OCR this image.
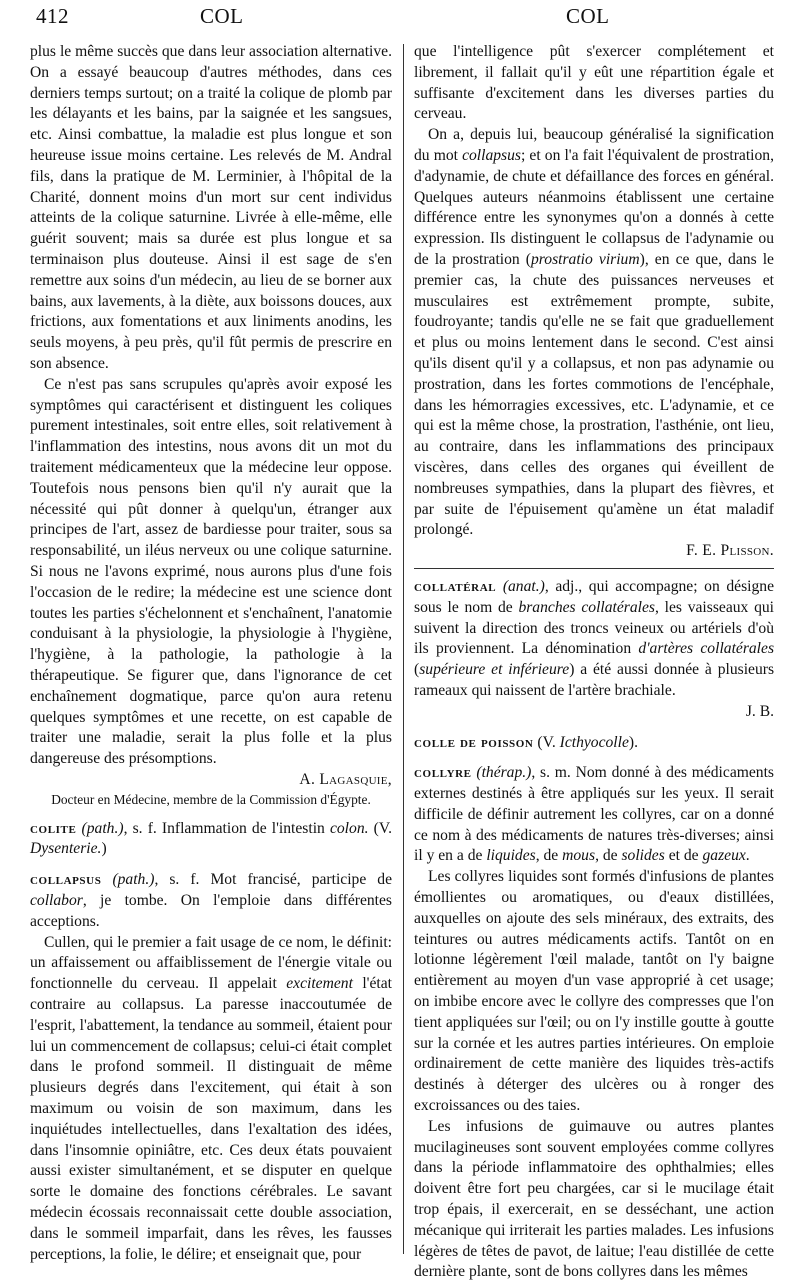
412	COL	COL

plus le même succès que dans leur association alternative. On a essayé beaucoup d'autres méthodes, dans ces derniers temps surtout; on a traité la colique de plomb par les délayants et les bains, par la saignée et les sangsues, etc. Ainsi combattue, la maladie est plus longue et son heureuse issue moins certaine. Les relevés de M. Andral fils, dans la pratique de M. Lerminier, à l'hôpital de la Charité, donnent moins d'un mort sur cent individus atteints de la colique saturnine. Livrée à elle-même, elle guérit souvent; mais sa durée est plus longue et sa terminaison plus douteuse. Ainsi il est sage de s'en remettre aux soins d'un médecin, au lieu de se borner aux bains, aux lavements, à la diète, aux boissons douces, aux frictions, aux fomentations et aux liniments anodins, les seuls moyens, à peu près, qu'il fût permis de prescrire en son absence.

Ce n'est pas sans scrupules qu'après avoir exposé les symptômes qui caractérisent et distinguent les coliques purement intestinales, soit entre elles, soit relativement à l'inflammation des intestins, nous avons dit un mot du traitement médicamenteux que la médecine leur oppose. Toutefois nous pensons bien qu'il n'y aurait que la nécessité qui pût donner à quelqu'un, étranger aux principes de l'art, assez de bardiesse pour traiter, sous sa responsabilité, un iléus nerveux ou une colique saturnine. Si nous ne l'avons exprimé, nous aurons plus d'une fois l'occasion de le redire; la médecine est une science dont toutes les parties s'échelonnent et s'enchaînent, l'anatomie conduisant à la physiologie, la physiologie à l'hygiène, l'hygiène, à la pathologie, la pathologie à la thérapeutique. Se figurer que, dans l'ignorance de cet enchaînement dogmatique, parce qu'on aura retenu quelques symptômes et une recette, on est capable de traiter une maladie, serait la plus folle et la plus dangereuse des présomptions.

A. Lagasquie,

Docteur en Médecine, membre de la Commission d'Égypte.

colite (path.), s. f. Inflammation de l'intestin colon. (V. Dysenterie.)

collapsus (path.), s. f. Mot francisé, participe de collabor, je tombe. On l'emploie dans différentes acceptions.

Cullen, qui le premier a fait usage de ce nom, le définit: un affaissement ou affaiblissement de l'énergie vitale ou fonctionnelle du cerveau. Il appelait excitement l'état contraire au collapsus. La paresse inaccoutumée de l'esprit, l'abattement, la tendance au sommeil, étaient pour lui un commencement de collapsus; celui-ci était complet dans le profond sommeil. Il distinguait de même plusieurs degrés dans l'excitement, qui était à son maximum ou voisin de son maximum, dans les inquiétudes intellectuelles, dans l'exaltation des idées, dans l'insomnie opiniâtre, etc. Ces deux états pouvaient aussi exister simultanément, et se disputer en quelque sorte le domaine des fonctions cérébrales. Le savant médecin écossais reconnaissait cette double association, dans le sommeil imparfait, dans les rêves, les fausses perceptions, la folie, le délire; et enseignait que, pour

que l'intelligence pût s'exercer complétement et librement, il fallait qu'il y eût une répartition égale et suffisante d'excitement dans les diverses parties du cerveau.

On a, depuis lui, beaucoup généralisé la signification du mot collapsus; et on l'a fait l'équivalent de prostration, d'adynamie, de chute et défaillance des forces en général. Quelques auteurs néanmoins établissent une certaine différence entre les synonymes qu'on a donnés à cette expression. Ils distinguent le collapsus de l'adynamie ou de la prostration (prostratio virium), en ce que, dans le premier cas, la chute des puissances nerveuses et musculaires est extrêmement prompte, subite, foudroyante; tandis qu'elle ne se fait que graduellement et plus ou moins lentement dans le second. C'est ainsi qu'ils disent qu'il y a collapsus, et non pas adynamie ou prostration, dans les fortes commotions de l'encéphale, dans les hémorragies excessives, etc. L'adynamie, et ce qui est la même chose, la prostration, l'asthénie, ont lieu, au contraire, dans les inflammations des principaux viscères, dans celles des organes qui éveillent de nombreuses sympathies, dans la plupart des fièvres, et par suite de l'épuisement qu'amène un état maladif prolongé.

F. E. Plisson.

collatéral (anat.), adj., qui accompagne; on désigne sous le nom de branches collatérales, les vaisseaux qui suivent la direction des troncs veineux ou artériels d'où ils proviennent. La dénomination d'artères collatérales (supérieure et inférieure) a été aussi donnée à plusieurs rameaux qui naissent de l'artère brachiale.

J. B.

colle de poisson (V. Icthyocolle).

collyre (thérap.), s. m. Nom donné à des médicaments externes destinés à être appliqués sur les yeux. Il serait difficile de définir autrement les collyres, car on a donné ce nom à des médicaments de natures très-diverses; ainsi il y en a de liquides, de mous, de solides et de gazeux.

Les collyres liquides sont formés d'infusions de plantes émollientes ou aromatiques, ou d'eaux distillées, auxquelles on ajoute des sels minéraux, des extraits, des teintures ou autres médicaments actifs. Tantôt on en lotionne légèrement l'œil malade, tantôt on l'y baigne entièrement au moyen d'un vase approprié à cet usage; on imbibe encore avec le collyre des compresses que l'on tient appliquées sur l'œil; ou on l'y instille goutte à goutte sur la cornée et les autres parties intérieures. On emploie ordinairement de cette manière des liquides très-actifs destinés à déterger des ulcères ou à ronger des excroissances ou des taies.

Les infusions de guimauve ou autres plantes mucilagineuses sont souvent employées comme collyres dans la période inflammatoire des ophthalmies; elles doivent être fort peu chargées, car si le mucilage était trop épais, il exercerait, en se desséchant, une action mécanique qui irriterait les parties malades. Les infusions légères de têtes de pavot, de laitue; l'eau distillée de cette dernière plante, sont de bons collyres dans les mêmes
